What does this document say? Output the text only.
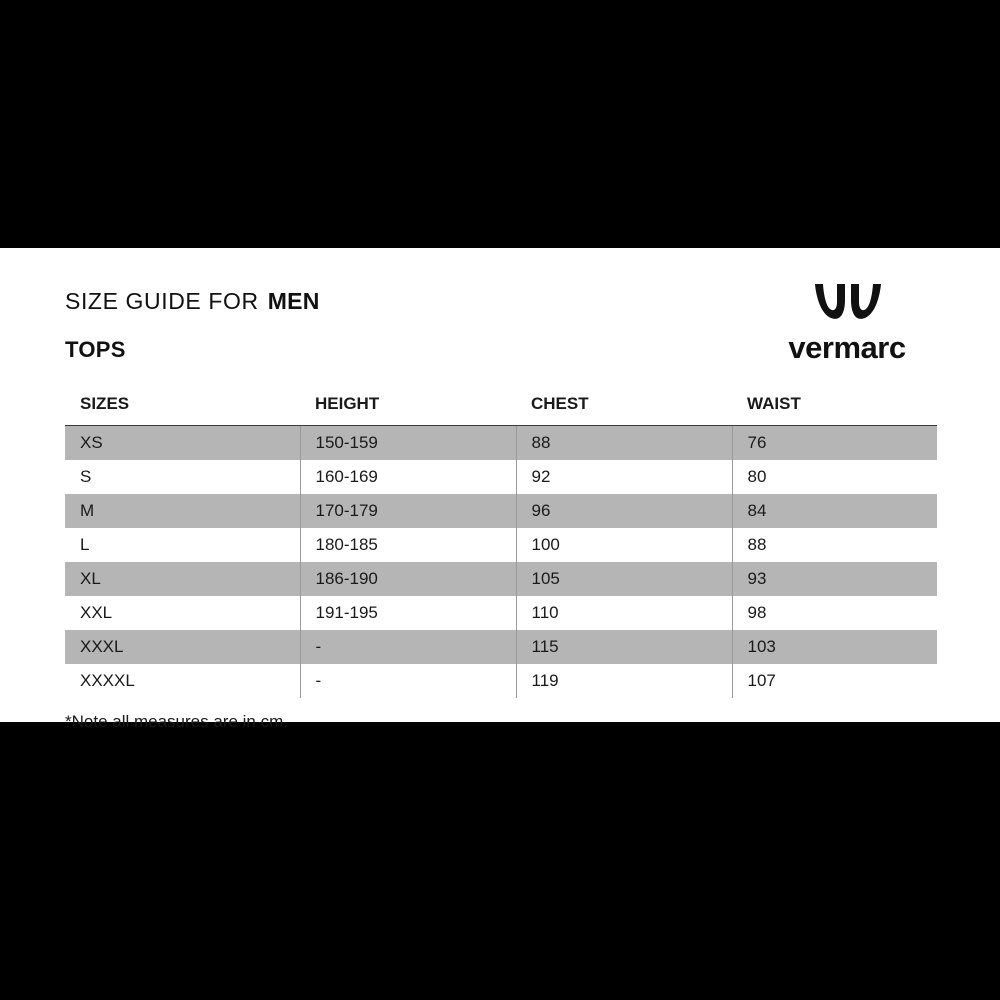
vermarc
SIZE GUIDE FOR MEN
TOPS
SIZES	HEIGHT	CHEST	WAIST
XS	150-159	88	76
S	160-169	92	80
M	170-179	96	84
L	180-185	100	88
XL	186-190	105	93
XXL	191-195	110	98
XXXL	-	115	103
XXXXL	-	119	107
*Note all measures are in cm.
